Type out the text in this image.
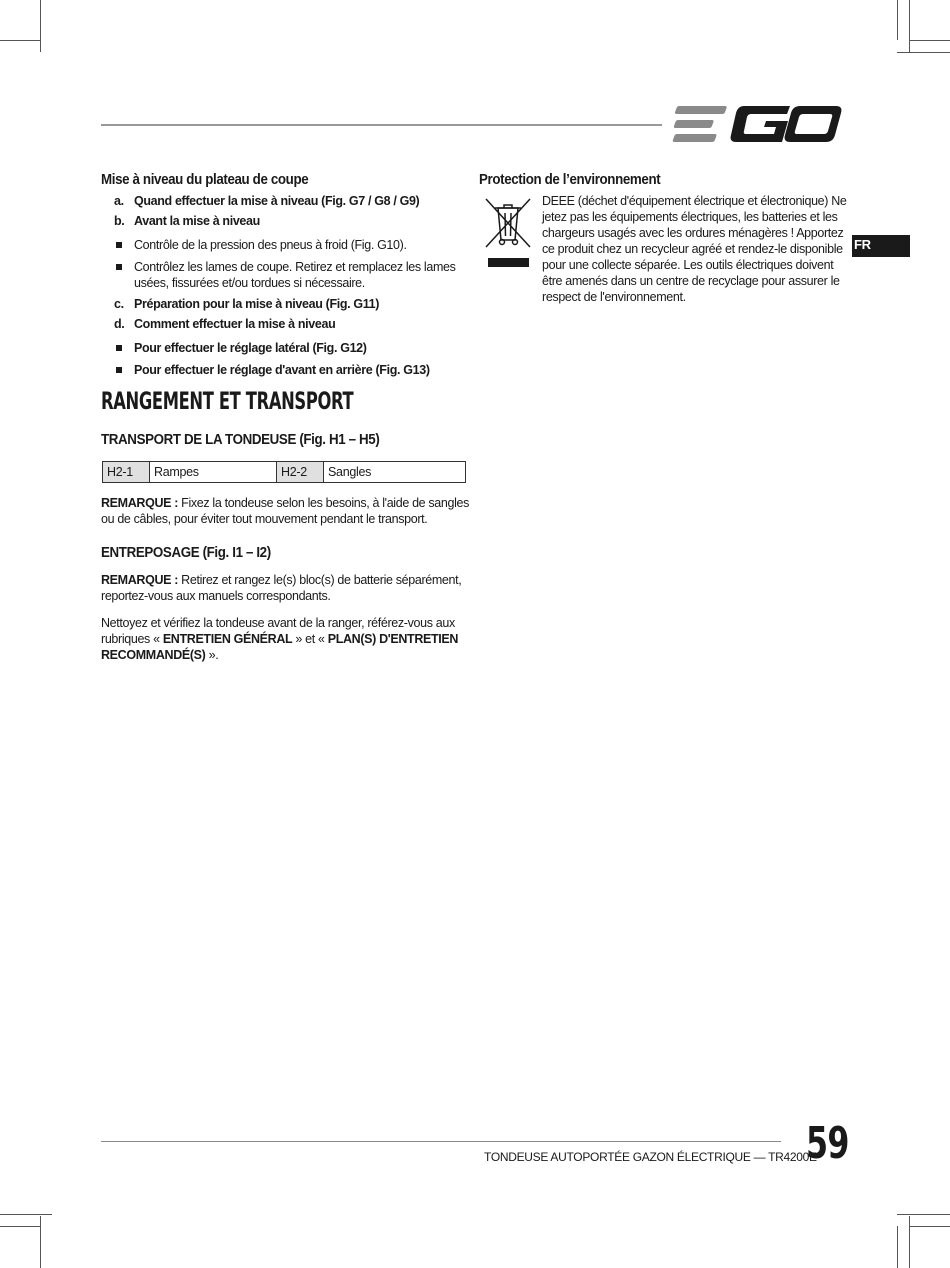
FR
Mise à niveau du plateau de coupe
a. Quand effectuer la mise à niveau (Fig. G7 / G8 / G9)
b. Avant la mise à niveau
Contrôle de la pression des pneus à froid (Fig. G10).
Contrôlez les lames de coupe. Retirez et remplacez les lames
usées, fissurées et/ou tordues si nécessaire.
c. Préparation pour la mise à niveau (Fig. G11)
d. Comment effectuer la mise à niveau
Pour effectuer le réglage latéral (Fig. G12)
Pour effectuer le réglage d'avant en arrière (Fig. G13)
RANGEMENT ET TRANSPORT
TRANSPORT DE LA TONDEUSE (Fig. H1 – H5)
H2-1	Rampes	H2-2	Sangles
REMARQUE : Fixez la tondeuse selon les besoins, à l'aide de sangles
ou de câbles, pour éviter tout mouvement pendant le transport.
ENTREPOSAGE (Fig. I1 – I2)
REMARQUE : Retirez et rangez le(s) bloc(s) de batterie séparément,
reportez-vous aux manuels correspondants.
Nettoyez et vérifiez la tondeuse avant de la ranger, référez-vous aux
rubriques « ENTRETIEN GÉNÉRAL » et « PLAN(S) D'ENTRETIEN
RECOMMANDÉ(S) ».
Protection de l’environnement
DEEE (déchet d'équipement électrique et électronique) Ne
jetez pas les équipements électriques, les batteries et les
chargeurs usagés avec les ordures ménagères ! Apportez
ce produit chez un recycleur agréé et rendez-le disponible
pour une collecte séparée. Les outils électriques doivent
être amenés dans un centre de recyclage pour assurer le
respect de l'environnement.
TONDEUSE AUTOPORTÉE GAZON ÉLECTRIQUE — TR4200E
59
